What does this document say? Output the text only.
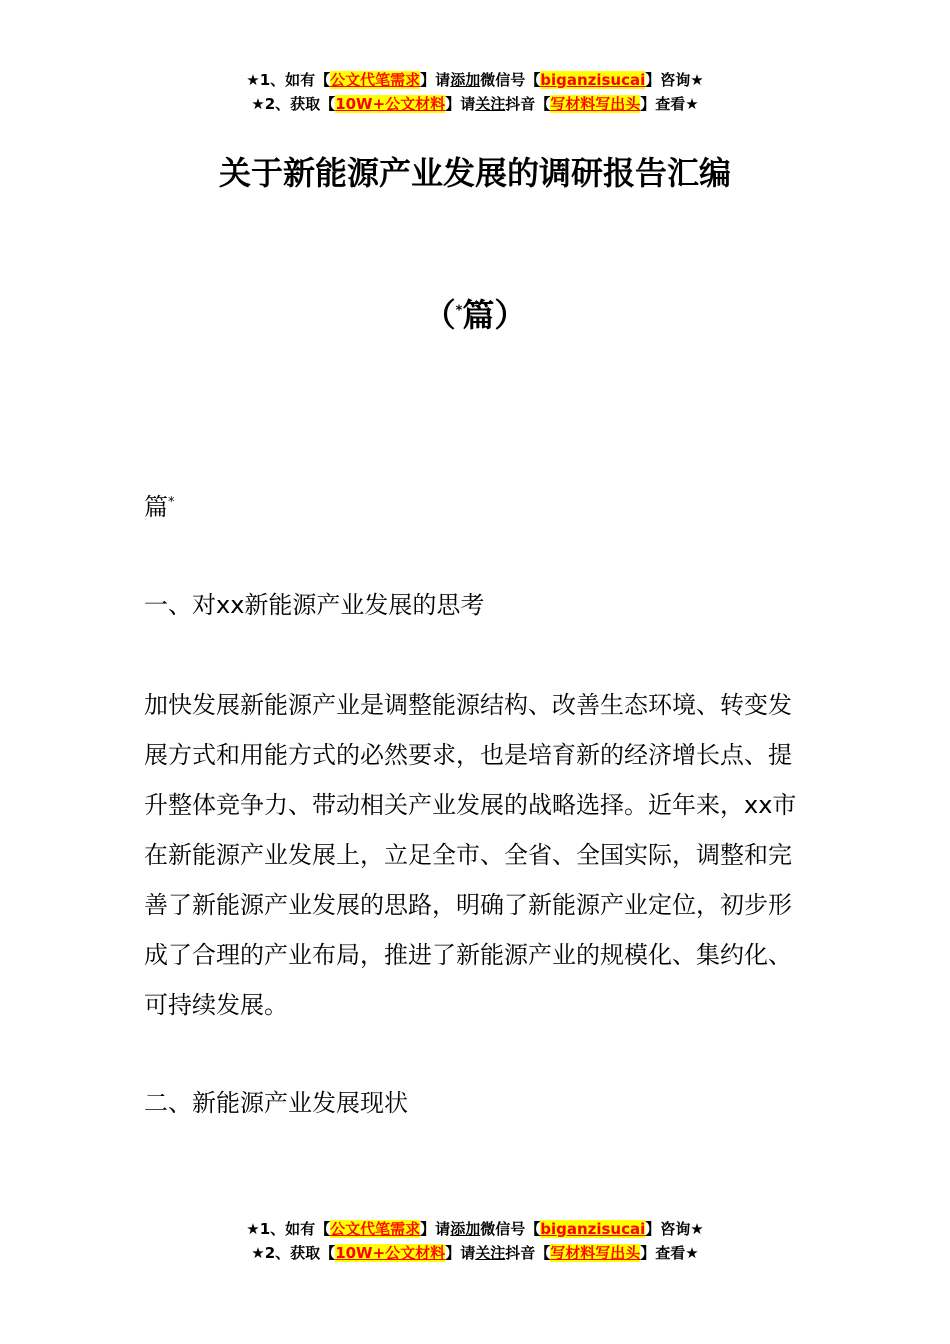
★1、如有【公文代笔需求】请添加微信号【biganzisucai】咨询★
★2、获取【10W+公文材料】请关注抖音【写材料写出头】查看★
关于新能源产业发展的调研报告汇编
（*篇）
篇*
一、对xx新能源产业发展的思考
加快发展新能源产业是调整能源结构、改善生态环境、转变发展方式和用能方式的必然要求，也是培育新的经济增长点、提升整体竞争力、带动相关产业发展的战略选择。近年来，xx市在新能源产业发展上，立足全市、全省、全国实际，调整和完善了新能源产业发展的思路，明确了新能源产业定位，初步形成了合理的产业布局，推进了新能源产业的规模化、集约化、可持续发展。
二、新能源产业发展现状
★1、如有【公文代笔需求】请添加微信号【biganzisucai】咨询★
★2、获取【10W+公文材料】请关注抖音【写材料写出头】查看★
